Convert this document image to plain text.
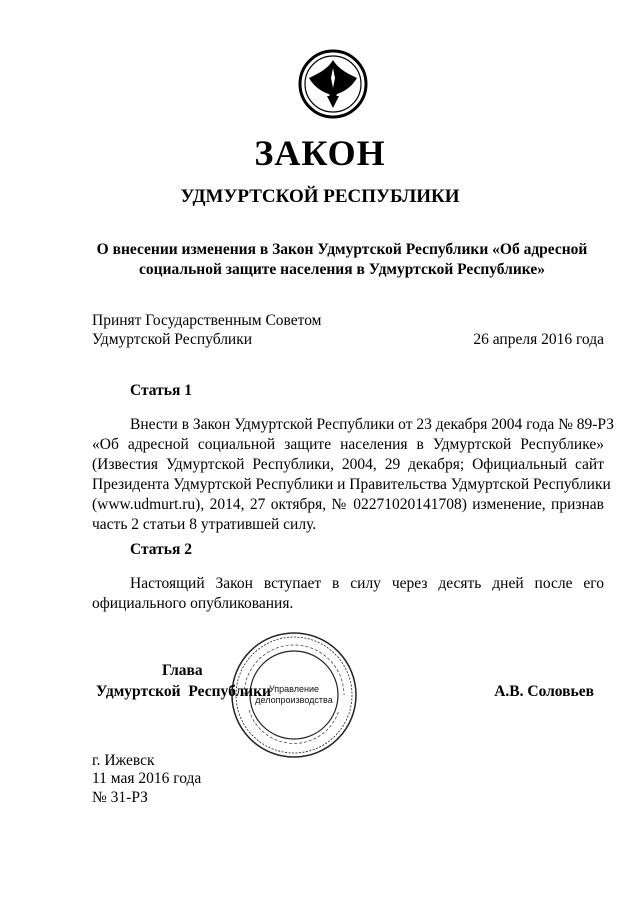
ЗАКОН
УДМУРТСКОЙ РЕСПУБЛИКИ
О внесении изменения в Закон Удмуртской Республики «Об адресной
социальной защите населения в Удмуртской Республике»
Принят Государственным Советом
Удмуртской Республики	26 апреля 2016 года
Статья 1
Внести в Закон Удмуртской Республики от 23 декабря 2004 года № 89-РЗ
«Об адресной социальной защите населения в Удмуртской Республике»
(Известия Удмуртской Республики, 2004, 29 декабря; Официальный сайт
Президента Удмуртской Республики и Правительства Удмуртской Республики
(www.udmurt.ru), 2014, 27 октября, № 02271020141708) изменение, признав
часть 2 статьи 8 утратившей силу.
Статья 2
Настоящий Закон вступает в силу через десять дней после его
официального опубликования.
Управление
делопроизводства
Глава
Удмуртской Республики	А.В. Соловьев
г. Ижевск
11 мая 2016 года
№ 31-РЗ
